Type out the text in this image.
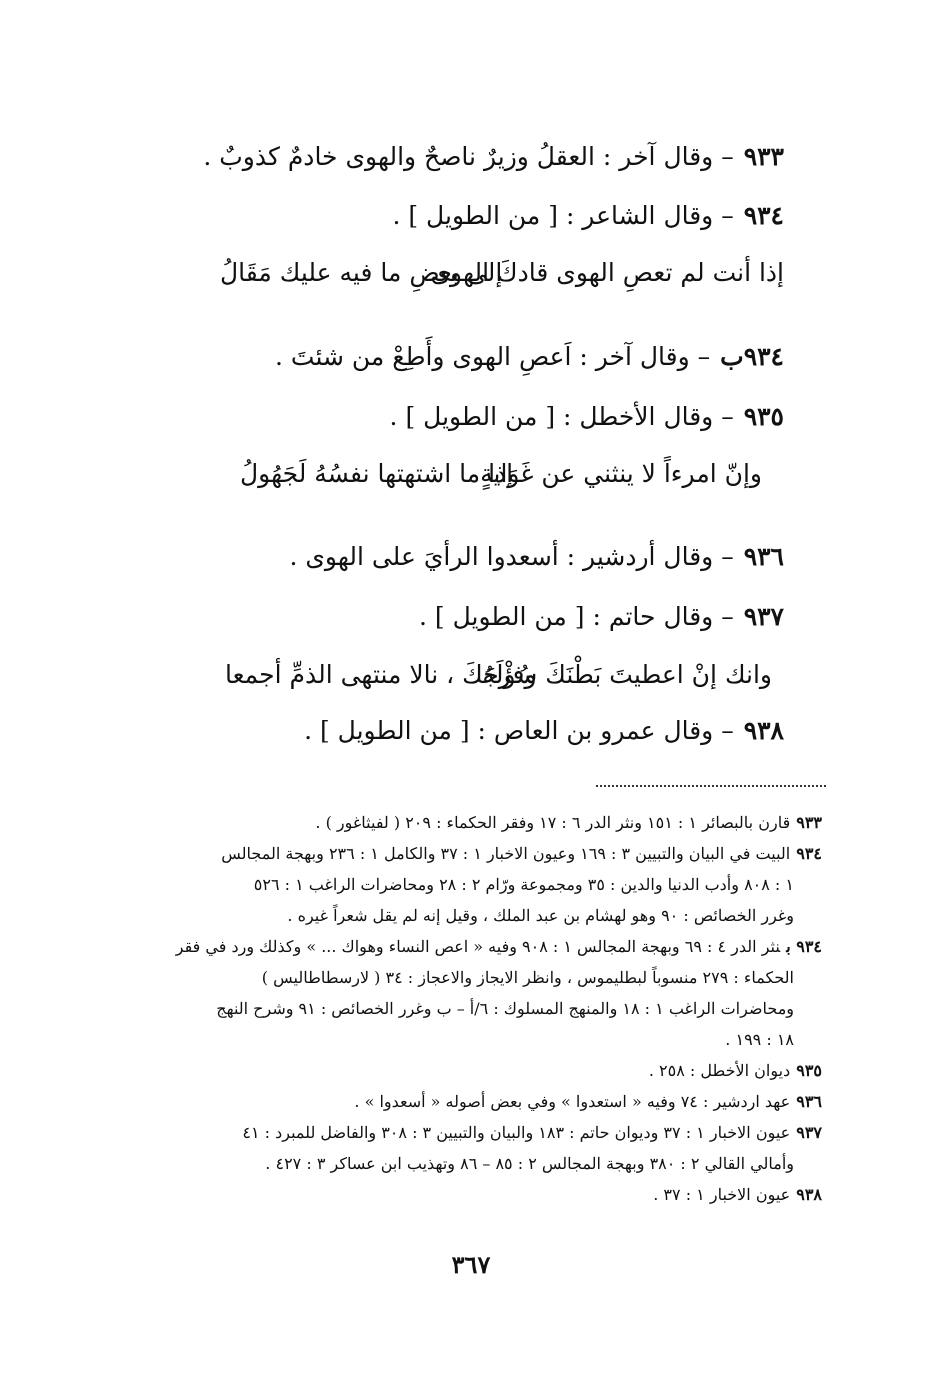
٩٣٣– وقال آخر : العقلُ وزيرٌ ناصحٌ والهوى خادمٌ كذوبٌ .
٩٣٤– وقال الشاعر : [ من الطويل ] .
إذا أنت لم تعصِ الهوى قادكَ الهوى
إلى بعضِ ما فيه عليك مَقَالُ
٩٣٤ب– وقال آخر : اَعصِ الهوى وأَطِعْ من شئتَ .
٩٣٥– وقال الأخطل : [ من الطويل ] .
وإنّ امرءاً لا ينثني عن غَوَايةٍ
إذا ما اشتهتها نفسُهُ لَجَهُولُ
٩٣٦– وقال أردشير : أسعدوا الرأيَ على الهوى .
٩٣٧– وقال حاتم : [ من الطويل ] .
وانك إنْ اعطيتَ بَطْنَكَ سُؤْلَهُ
وفرجَكَ ، نالا منتهى الذمِّ أجمعا
٩٣٨– وقال عمرو بن العاص : [ من الطويل ] .
٩٣٣قارن بالبصائر ١ : ١٥١ ونثر الدر ٦ : ١٧ وفقر الحكماء : ٢٠٩ ( لفيثاغور ) .
٩٣٤البيت في البيان والتبيين ٣ : ١٦٩ وعيون الاخبار ١ : ٣٧ والكامل ١ : ٢٣٦ وبهجة المجالس
١ : ٨٠٨ وأدب الدنيا والدين : ٣٥ ومجموعة ورّام ٢ : ٢٨ ومحاضرات الراغب ١ : ٥٢٦
وغرر الخصائص : ٩٠ وهو لهشام بن عبد الملك ، وقيل إنه لم يقل شعراً غيره .
٩٣٤ بنثر الدر ٤ : ٦٩ وبهجة المجالس ١ : ٩٠٨ وفيه « اعص النساء وهواك ... » وكذلك ورد في فقر
الحكماء : ٢٧٩ منسوباً لبطليموس ، وانظر الايجاز والاعجاز : ٣٤ ( لارسطاطاليس )
ومحاضرات الراغب ١ : ١٨ والمنهج المسلوك : ٦/أ – ب وغرر الخصائص : ٩١ وشرح النهج
١٨ : ١٩٩ .
٩٣٥ديوان الأخطل : ٢٥٨ .
٩٣٦عهد اردشير : ٧٤ وفيه « استعدوا » وفي بعض أصوله « أسعدوا » .
٩٣٧عيون الاخبار ١ : ٣٧ وديوان حاتم : ١٨٣ والبيان والتبيين ٣ : ٣٠٨ والفاضل للمبرد : ٤١
وأمالي القالي ٢ : ٣٨٠ وبهجة المجالس ٢ : ٨٥ – ٨٦ وتهذيب ابن عساكر ٣ : ٤٢٧ .
٩٣٨عيون الاخبار ١ : ٣٧ .
٣٦٧
